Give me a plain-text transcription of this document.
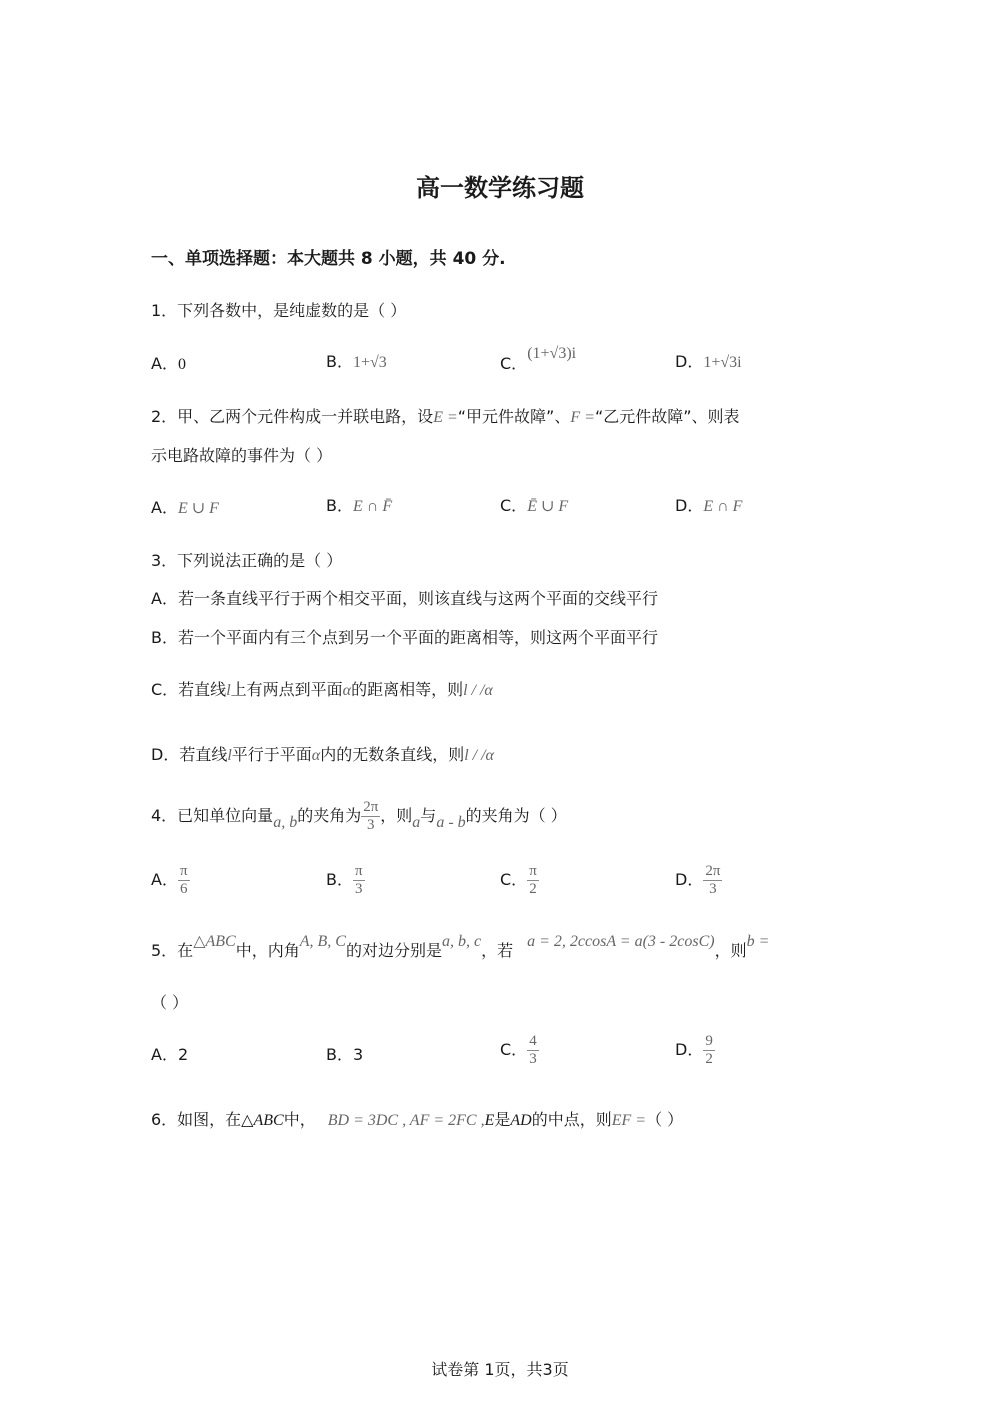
高一数学练习题
一、单项选择题：本大题共 8 小题，共 40 分.
1．下列各数中，是纯虚数的是（ ）
A．0	B．1+√3	C．(1+√3)i	D．1+√3i
2．甲、乙两个元件构成一并联电路，设E =“甲元件故障”、F =“乙元件故障”、则表
示电路故障的事件为（ ）
A．E ∪ F	B．E ∩ F̄	C．Ē ∪ F	D．E ∩ F
3．下列说法正确的是（ ）
A．若一条直线平行于两个相交平面，则该直线与这两个平面的交线平行
B．若一个平面内有三个点到另一个平面的距离相等，则这两个平面平行
C．若直线l上有两点到平面α的距离相等，则l / /α
D．若直线l平行于平面α内的无数条直线，则l / /α
4．已知单位向量a, b的夹角为 $\frac{2\pi}{3}$ ，则a与a - b的夹角为（ ）
A． $\frac{\pi}{6}$	B． $\frac{\pi}{3}$	C． $\frac{\pi}{2}$	D． $\frac{2\pi}{3}$
5．在△ABC中，内角A, B, C的对边分别是a, b, c，若 a = 2, 2ccosA = a(3 - 2cosC)，则b =
（ ）
A．2	B．3	C． $\frac{4}{3}$	D． $\frac{9}{2}$
6．如图，在△ABC中， BD = 3DC , AF = 2FC ,E是AD的中点，则EF =（ ）
试卷第 1页，共3页
